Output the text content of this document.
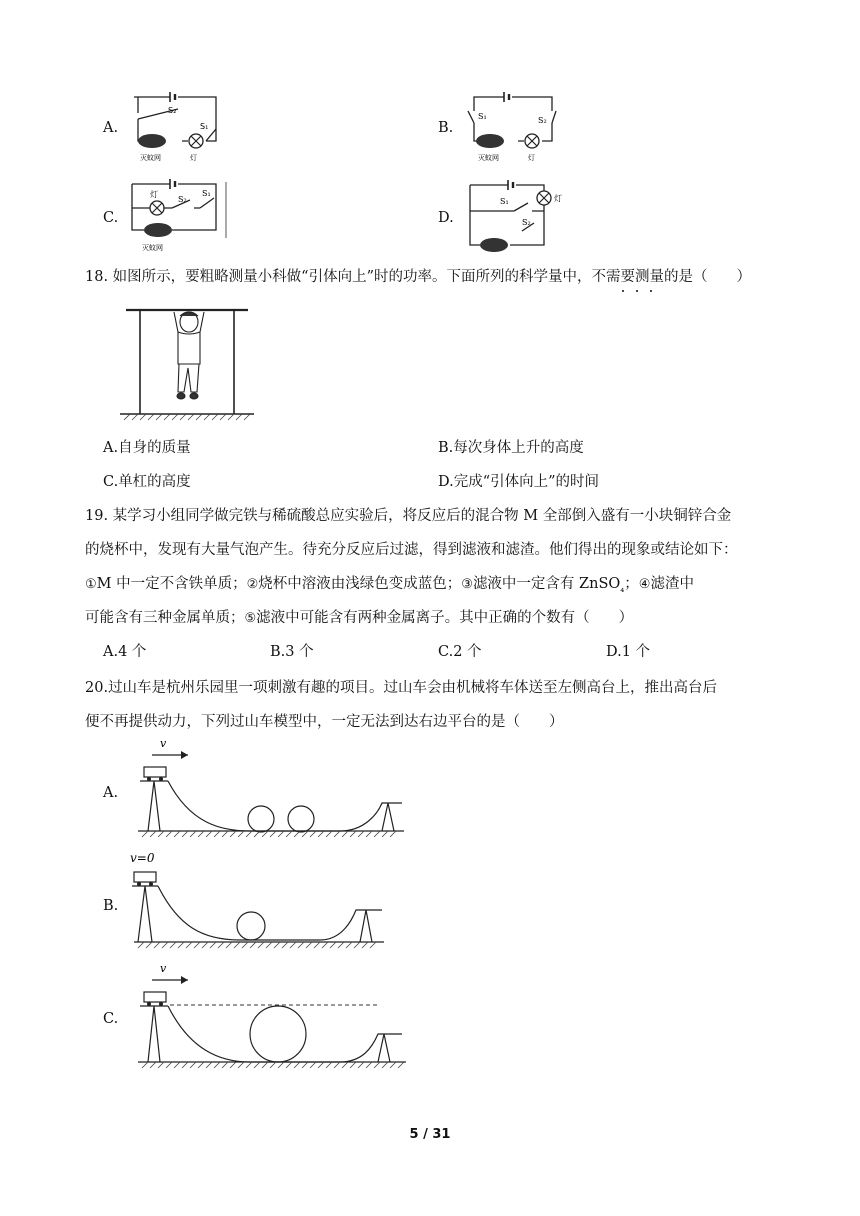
A.
S₂
S₁
灭蚊网	灯
B.
S₁	S₂
灭蚊网	灯
C.
灯
S₂
S₁
灭蚊网
D.
灯
S₁
S₂
18. 如图所示，要粗略测量小科做“引体向上”时的功率。下面所列的科学量中，不需要测量的是（　　）
A.自身的质量	B.每次身体上升的高度
C.单杠的高度	D.完成“引体向上”的时间
19. 某学习小组同学做完铁与稀硫酸总应实验后，将反应后的混合物 M 全部倒入盛有一小块铜锌合金
的烧杯中，发现有大量气泡产生。待充分反应后过滤，得到滤液和滤渣。他们得出的现象或结论如下：
①M 中一定不含铁单质；②烧杯中溶液由浅绿色变成蓝色；③滤液中一定含有 ZnSO$_{_4}$；④滤渣中
可能含有三种金属单质；⑤滤液中可能含有两种金属离子。其中正确的个数有（　　）
A.4 个	B.3 个	C.2 个	D.1 个
20.过山车是杭州乐园里一项刺激有趣的项目。过山车会由机械将车体送至左侧高台上，推出高台后
便不再提供动力，下列过山车模型中，一定无法到达右边平台的是（　　）
A.
v
B.
v=0
C.
v
5 / 31
